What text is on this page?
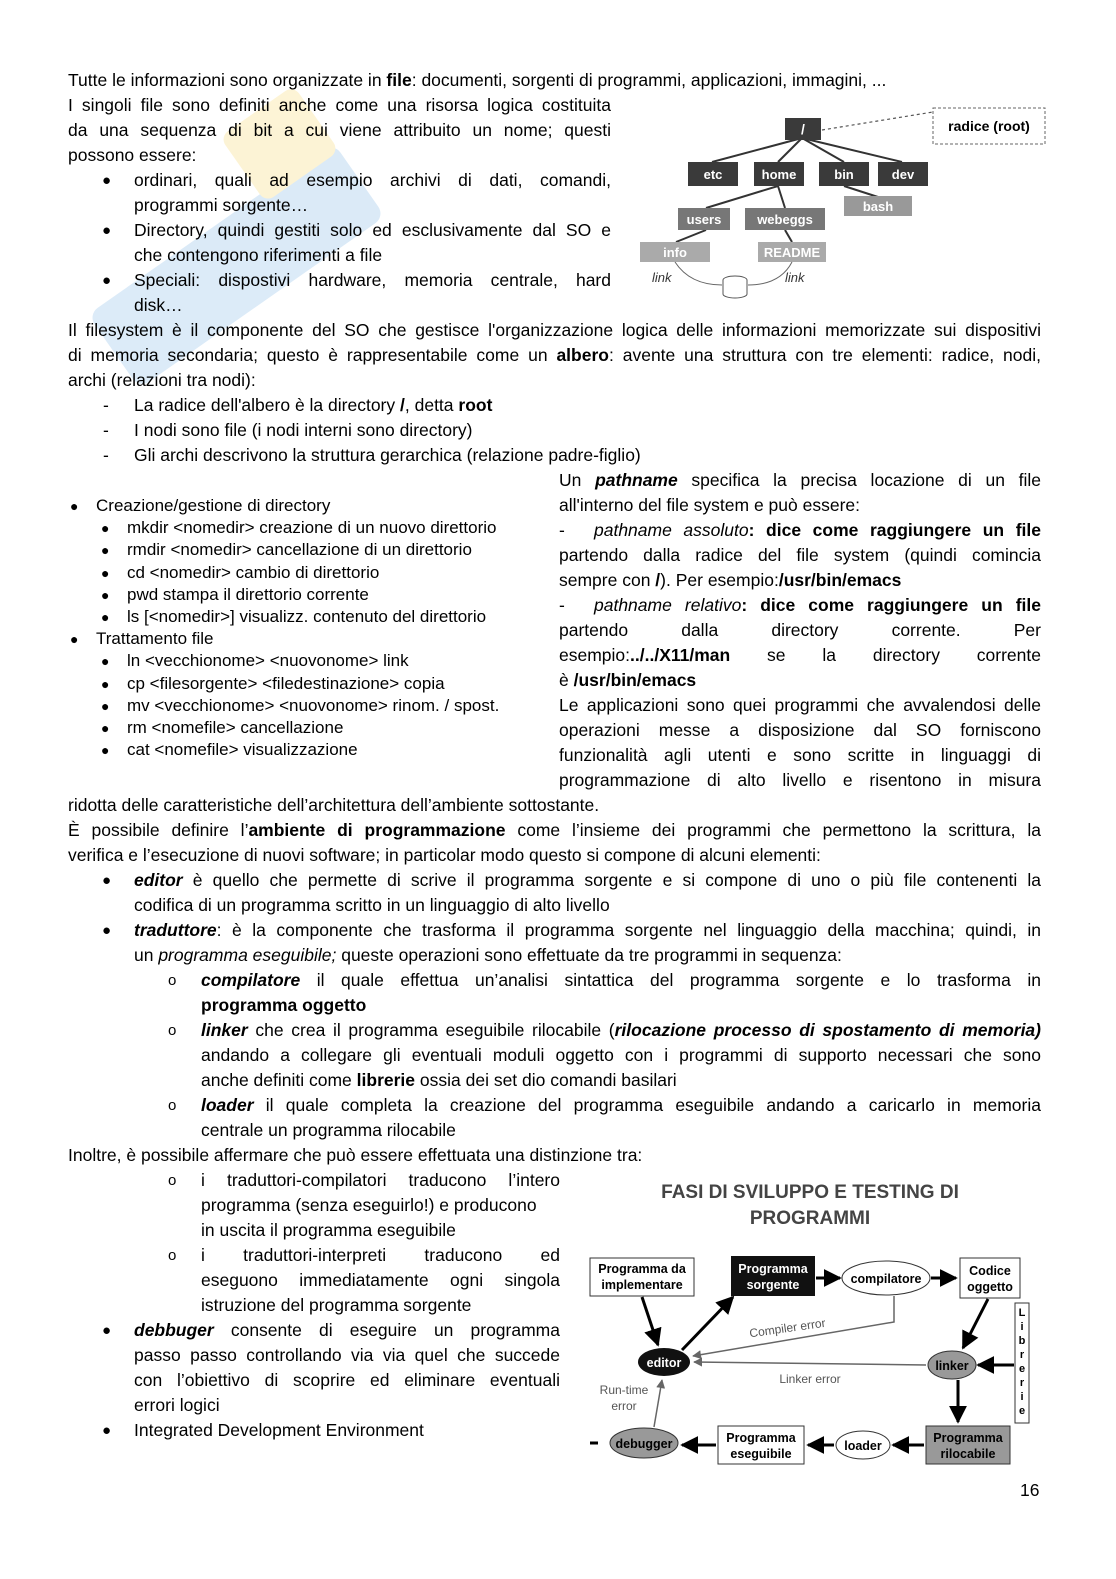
Tutte le informazioni sono organizzate in file: documenti, sorgenti di programmi, applicazioni, immagini, ...
I singoli file sono definiti anche come una risorsa logica costituita
da una sequenza di bit a cui viene attribuito un nome; questi
possono essere:
● ordinari, quali ad esempio archivi di dati, comandi,
programmi sorgente…
● Directory, quindi gestiti solo ed esclusivamente dal SO e
che contengono riferimenti a file
● Speciali: dispostivi hardware, memoria centrale, hard
disk…
radice (root)
/
etc	home	bin	dev
users	webeggs
bash
info	README
link	link
Il filesystem è il componente del SO che gestisce l'organizzazione logica delle informazioni memorizzate sui dispositivi
di memoria secondaria; questo è rappresentabile come un albero: avente una struttura con tre elementi: radice, nodi,
archi (relazioni tra nodi):
- La radice dell'albero è la directory /, detta root
- I nodi sono file (i nodi interni sono directory)
- Gli archi descrivono la struttura gerarchica (relazione padre-figlio)
●	Creazione/gestione di directory
●	mkdir <nomedir> creazione di un nuovo direttorio
●	rmdir <nomedir> cancellazione di un direttorio
●	cd <nomedir> cambio di direttorio
●	pwd stampa il direttorio corrente
●	ls [<nomedir>] visualizz. contenuto del direttorio
●	Trattamento file
●	ln <vecchionome> <nuovonome> link
●	cp <filesorgente> <filedestinazione> copia
●	mv <vecchionome> <nuovonome> rinom. / spost.
●	rm <nomefile> cancellazione
●	cat <nomefile> visualizzazione
Un pathname specifica la precisa locazione di un file
all'interno del file system e può essere:
- pathname assoluto: dice come raggiungere un file
partendo dalla radice del file system (quindi comincia
sempre con /). Per esempio:/usr/bin/emacs
- pathname relativo: dice come raggiungere un file
partendo dalla directory corrente. Per
esempio:../../X11/man se la directory corrente
è /usr/bin/emacs
Le applicazioni sono quei programmi che avvalendosi delle
operazioni messe a disposizione dal SO forniscono
funzionalità agli utenti e sono scritte in linguaggi di
programmazione di alto livello e risentono in misura
ridotta delle caratteristiche dell’architettura dell’ambiente sottostante.
È possibile definire l’ambiente di programmazione come l’insieme dei programmi che permettono la scrittura, la
verifica e l’esecuzione di nuovi software; in particolar modo questo si compone di alcuni elementi:
● editor è quello che permette di scrive il programma sorgente e si compone di uno o più file contenenti la
codifica di un programma scritto in un linguaggio di alto livello
● traduttore: è la componente che trasforma il programma sorgente nel linguaggio della macchina; quindi, in
un programma eseguibile; queste operazioni sono effettuate da tre programmi in sequenza:
o compilatore il quale effettua un’analisi sintattica del programma sorgente e lo trasforma in
programma oggetto
o linker che crea il programma eseguibile rilocabile (rilocazione processo di spostamento di memoria)
andando a collegare gli eventuali moduli oggetto con i programmi di supporto necessari che sono
anche definiti come librerie ossia dei set dio comandi basilari
o loader il quale completa la creazione del programma eseguibile andando a caricarlo in memoria
centrale un programma rilocabile
Inoltre, è possibile affermare che può essere effettuata una distinzione tra:
o i traduttori-compilatori traducono l’intero
programma (senza eseguirlo!) e producono
in uscita il programma eseguibile
o i traduttori-interpreti traducono ed
eseguono immediatamente ogni singola
istruzione del programma sorgente
● debbuger consente di eseguire un programma
passo passo controllando via via quel che succede
con l’obiettivo di scoprire ed eliminare eventuali
errori logici
● Integrated Development Environment
FASI DI SVILUPPO E TESTING DI
PROGRAMMI
Programma da
implementare
Programma
sorgente	compilatore
Codice
oggetto
L
i
b
r
e
r
i
e
editor	linker
Compiler error
Linker error
Run-time
error
debugger	Programma
eseguibile
loader
Programma
rilocabile
16
